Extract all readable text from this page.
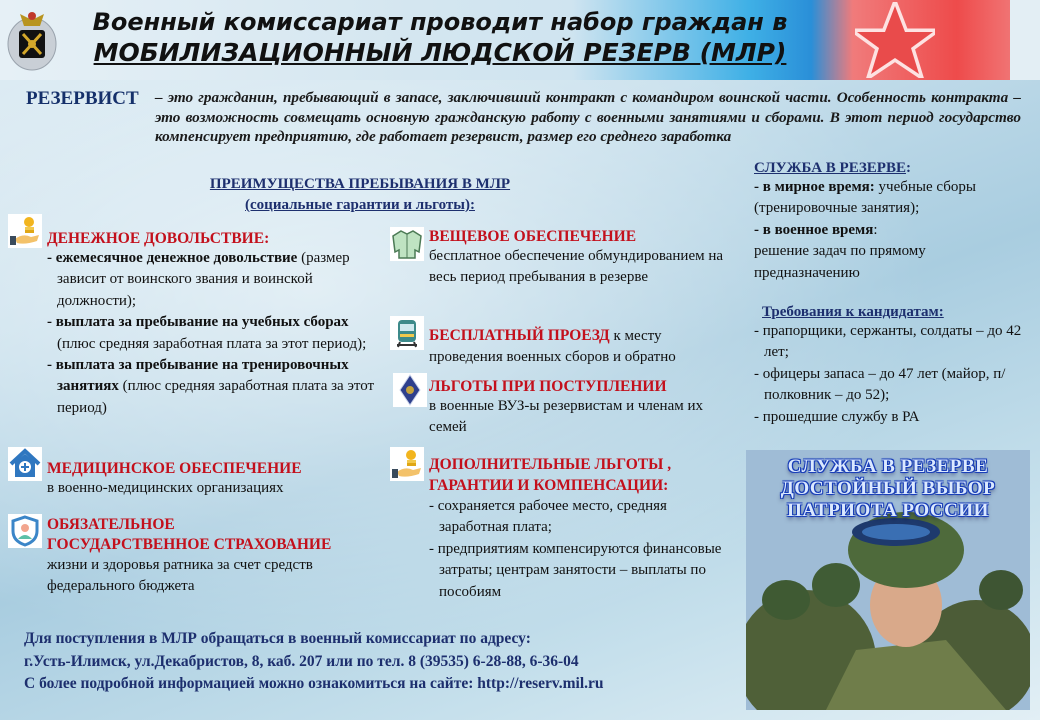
Военный комиссариат проводит набор граждан в
МОБИЛИЗАЦИОННЫЙ ЛЮДСКОЙ РЕЗЕРВ (МЛР)
РЕЗЕРВИСТ – это гражданин, пребывающий в запасе, заключивший контракт с командиром воинской части. Особенность контракта – это возможность совмещать основную гражданскую работу с военными занятиями и сборами. В этот период государство компенсирует предприятию, где работает резервист, размер его среднего заработка
ПРЕИМУЩЕСТВА ПРЕБЫВАНИЯ В МЛР
(социальные гарантии и льготы):
ДЕНЕЖНОЕ ДОВОЛЬСТВИЕ:
- ежемесячное денежное довольствие (размер зависит от воинского звания и воинской должности);
- выплата за пребывание на учебных сборах (плюс средняя заработная плата за этот период);
- выплата за пребывание на тренировочных занятиях (плюс средняя заработная плата за этот период)
МЕДИЦИНСКОЕ ОБЕСПЕЧЕНИЕ
в военно-медицинских организациях
ОБЯЗАТЕЛЬНОЕ
ГОСУДАРСТВЕННОЕ СТРАХОВАНИЕ
жизни и здоровья ратника за счет средств федерального бюджета
ВЕЩЕВОЕ ОБЕСПЕЧЕНИЕ
бесплатное обеспечение обмундированием на весь период пребывания в резерве
БЕСПЛАТНЫЙ ПРОЕЗД к месту
проведения военных сборов и обратно
ЛЬГОТЫ ПРИ ПОСТУПЛЕНИИ
в военные ВУЗ-ы резервистам и членам их семей
ДОПОЛНИТЕЛЬНЫЕ ЛЬГОТЫ ,
ГАРАНТИИ И КОМПЕНСАЦИИ:
- сохраняется рабочее место, средняя заработная плата;
- предприятиям компенсируются финансовые затраты; центрам занятости – выплаты по пособиям
СЛУЖБА В РЕЗЕРВЕ:
- в мирное время: учебные сборы (тренировочные занятия);
- в военное время:
решение задач по прямому предназначению
Требования к кандидатам:
- прапорщики, сержанты, солдаты – до 42 лет;
- офицеры запаса – до 47 лет (майор, п/полковник – до 52);
- прошедшие службу в РА
СЛУЖБА В РЕЗЕРВЕ
ДОСТОЙНЫЙ ВЫБОР
ПАТРИОТА РОССИИ
Для поступления в МЛР обращаться в военный комиссариат по адресу:
г.Усть-Илимск, ул.Декабристов, 8, каб. 207 или по тел. 8 (39535) 6-28-88, 6-36-04
С более подробной информацией можно ознакомиться на сайте: http://reserv.mil.ru
